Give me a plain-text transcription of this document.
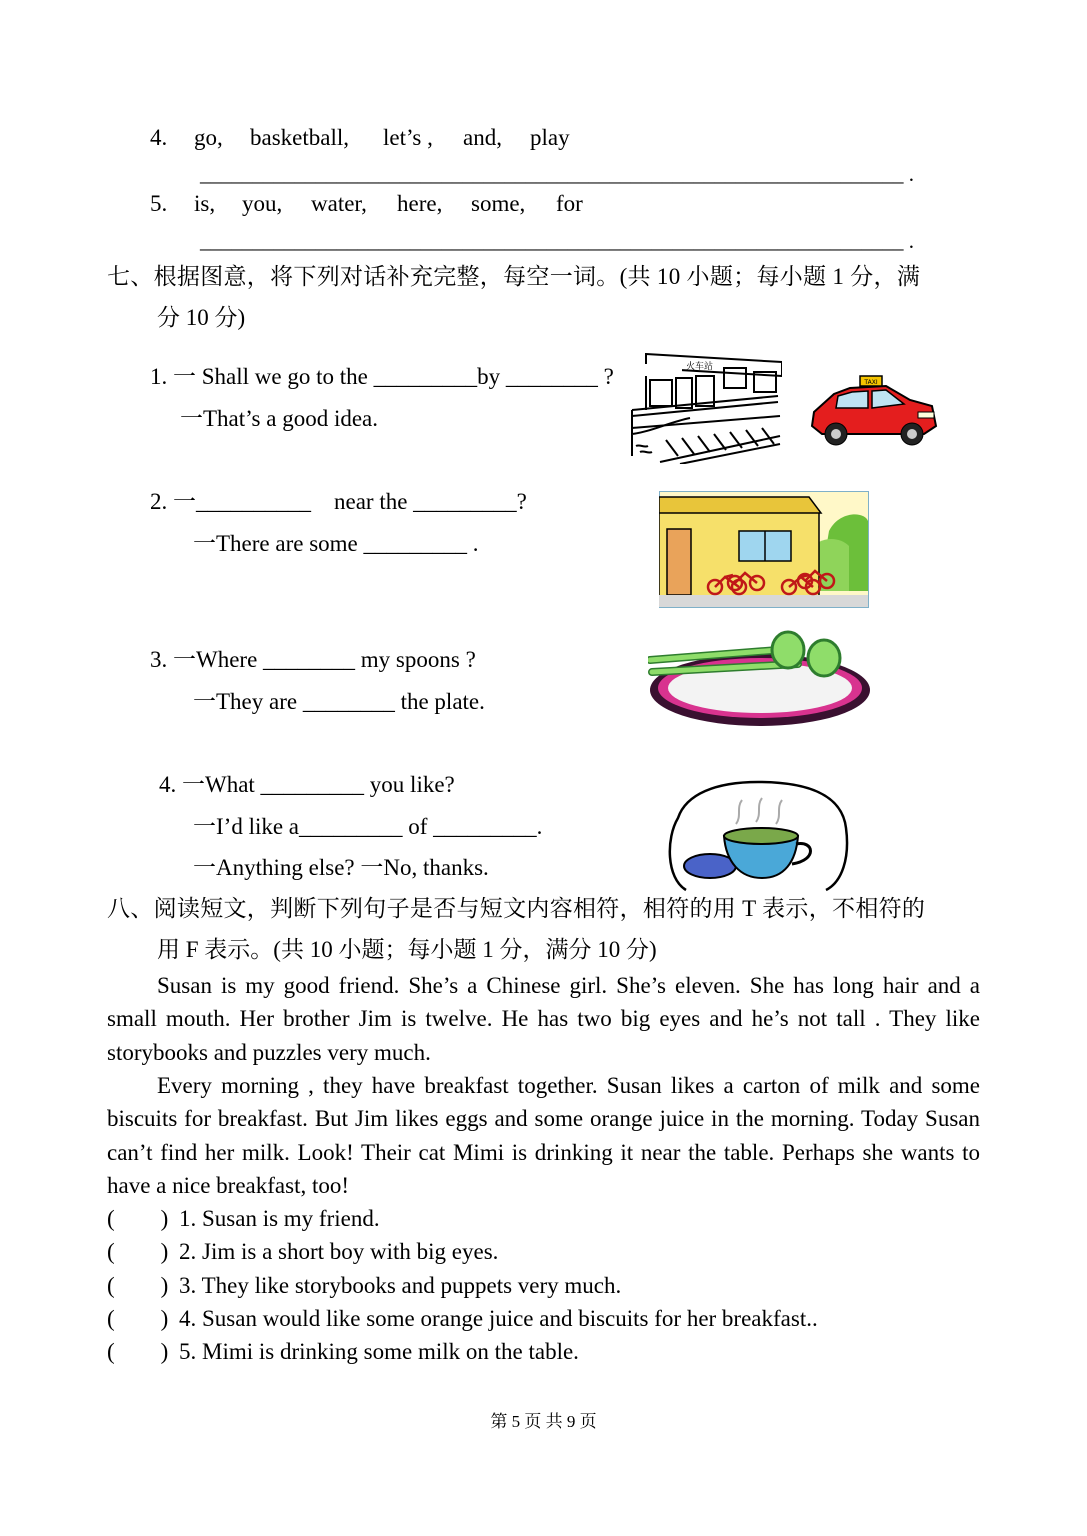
4. go, basketball, let’s , and, play
___________________________________________________________________ .
5. is, you, water, here, some, for
___________________________________________________________________ .
七、根据图意，将下列对话补充完整，每空一词。(共 10 小题；每小题 1 分，满
分 10 分)
1. 一 Shall we go to the _________by ________ ?
一That’s a good idea.
2. 一__________    near the _________?
一There are some _________ .
3. 一Where ________ my spoons ?
一They are ________ the plate.
4. 一What _________ you like?
一I’d like a_________ of _________.
一Anything else? 一No, thanks.
火车站
TAXI
八、阅读短文，判断下列句子是否与短文内容相符，相符的用 T 表示，不相符的
用 F 表示。(共 10 小题；每小题 1 分，满分 10 分)
Susan is my good friend. She’s a Chinese girl. She’s eleven. She has long hair and a small mouth. Her brother Jim is twelve. He has two big eyes and he’s not tall . They like storybooks and puzzles very much.
Every morning , they have breakfast together. Susan likes a carton of milk and some biscuits for breakfast. But Jim likes eggs and some orange juice in the morning. Today Susan can’t find her milk. Look! Their cat Mimi is drinking it near the table. Perhaps she wants to have a nice breakfast, too!
(        ) 1. Susan is my friend.
(        ) 2. Jim is a short boy with big eyes.
(        ) 3. They like storybooks and puppets very much.
(        ) 4. Susan would like some orange juice and biscuits for her breakfast..
(        ) 5. Mimi is drinking some milk on the table.
第 5 页 共 9 页
